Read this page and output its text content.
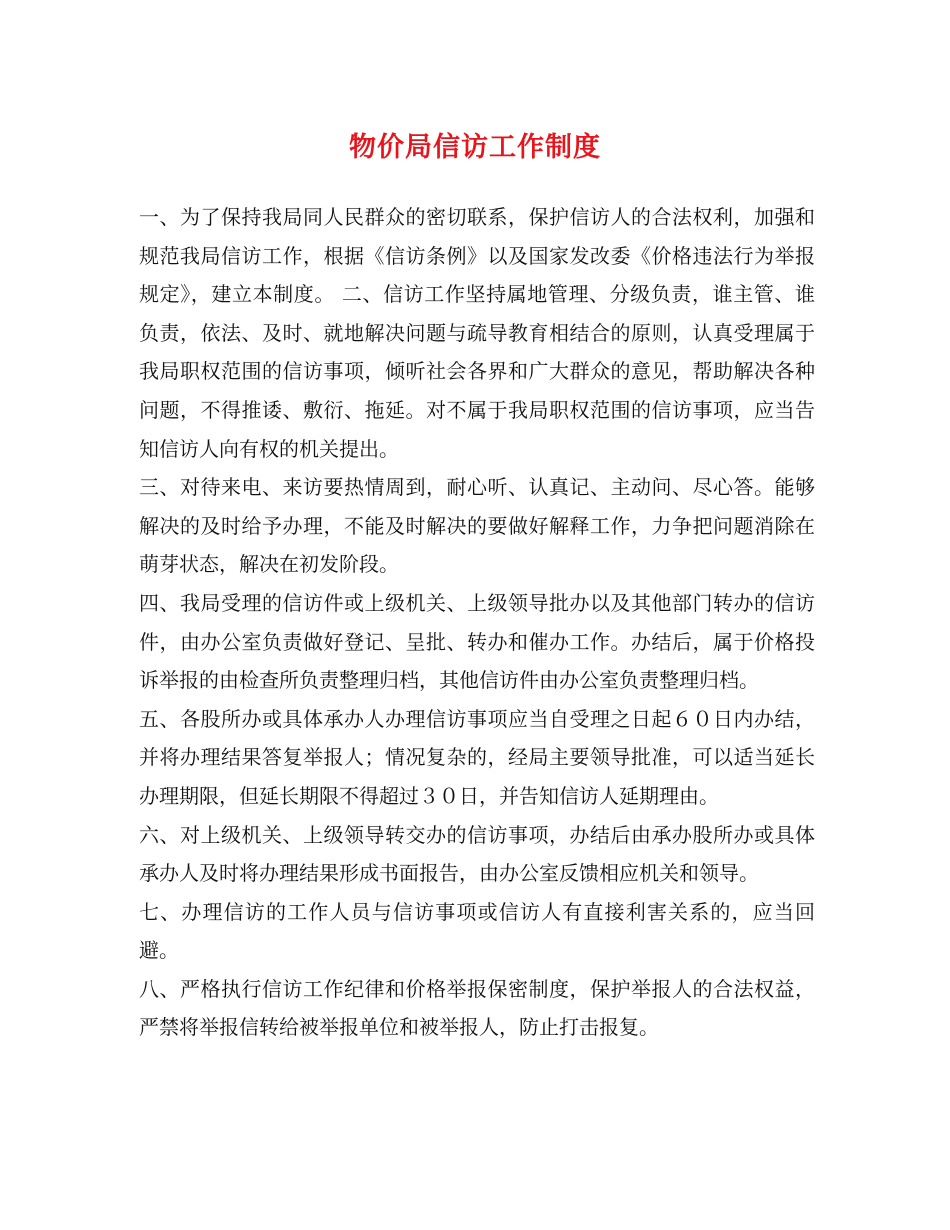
物价局信访工作制度

一、为了保持我局同人民群众的密切联系，保护信访人的合法权利，加强和规范我局信访工作，根据《信访条例》以及国家发改委《价格违法行为举报规定》，建立本制度。 二、信访工作坚持属地管理、分级负责，谁主管、谁负责，依法、及时、就地解决问题与疏导教育相结合的原则，认真受理属于我局职权范围的信访事项，倾听社会各界和广大群众的意见，帮助解决各种问题，不得推诿、敷衍、拖延。对不属于我局职权范围的信访事项，应当告知信访人向有权的机关提出。

三、对待来电、来访要热情周到，耐心听、认真记、主动问、尽心答。能够解决的及时给予办理，不能及时解决的要做好解释工作，力争把问题消除在萌芽状态，解决在初发阶段。

四、我局受理的信访件或上级机关、上级领导批办以及其他部门转办的信访件，由办公室负责做好登记、呈批、转办和催办工作。办结后，属于价格投诉举报的由检查所负责整理归档，其他信访件由办公室负责整理归档。

五、各股所办或具体承办人办理信访事项应当自受理之日起６０日内办结，并将办理结果答复举报人；情况复杂的，经局主要领导批准，可以适当延长办理期限，但延长期限不得超过３０日，并告知信访人延期理由。

六、对上级机关、上级领导转交办的信访事项，办结后由承办股所办或具体承办人及时将办理结果形成书面报告，由办公室反馈相应机关和领导。

七、办理信访的工作人员与信访事项或信访人有直接利害关系的，应当回避。

八、严格执行信访工作纪律和价格举报保密制度，保护举报人的合法权益，严禁将举报信转给被举报单位和被举报人，防止打击报复。
